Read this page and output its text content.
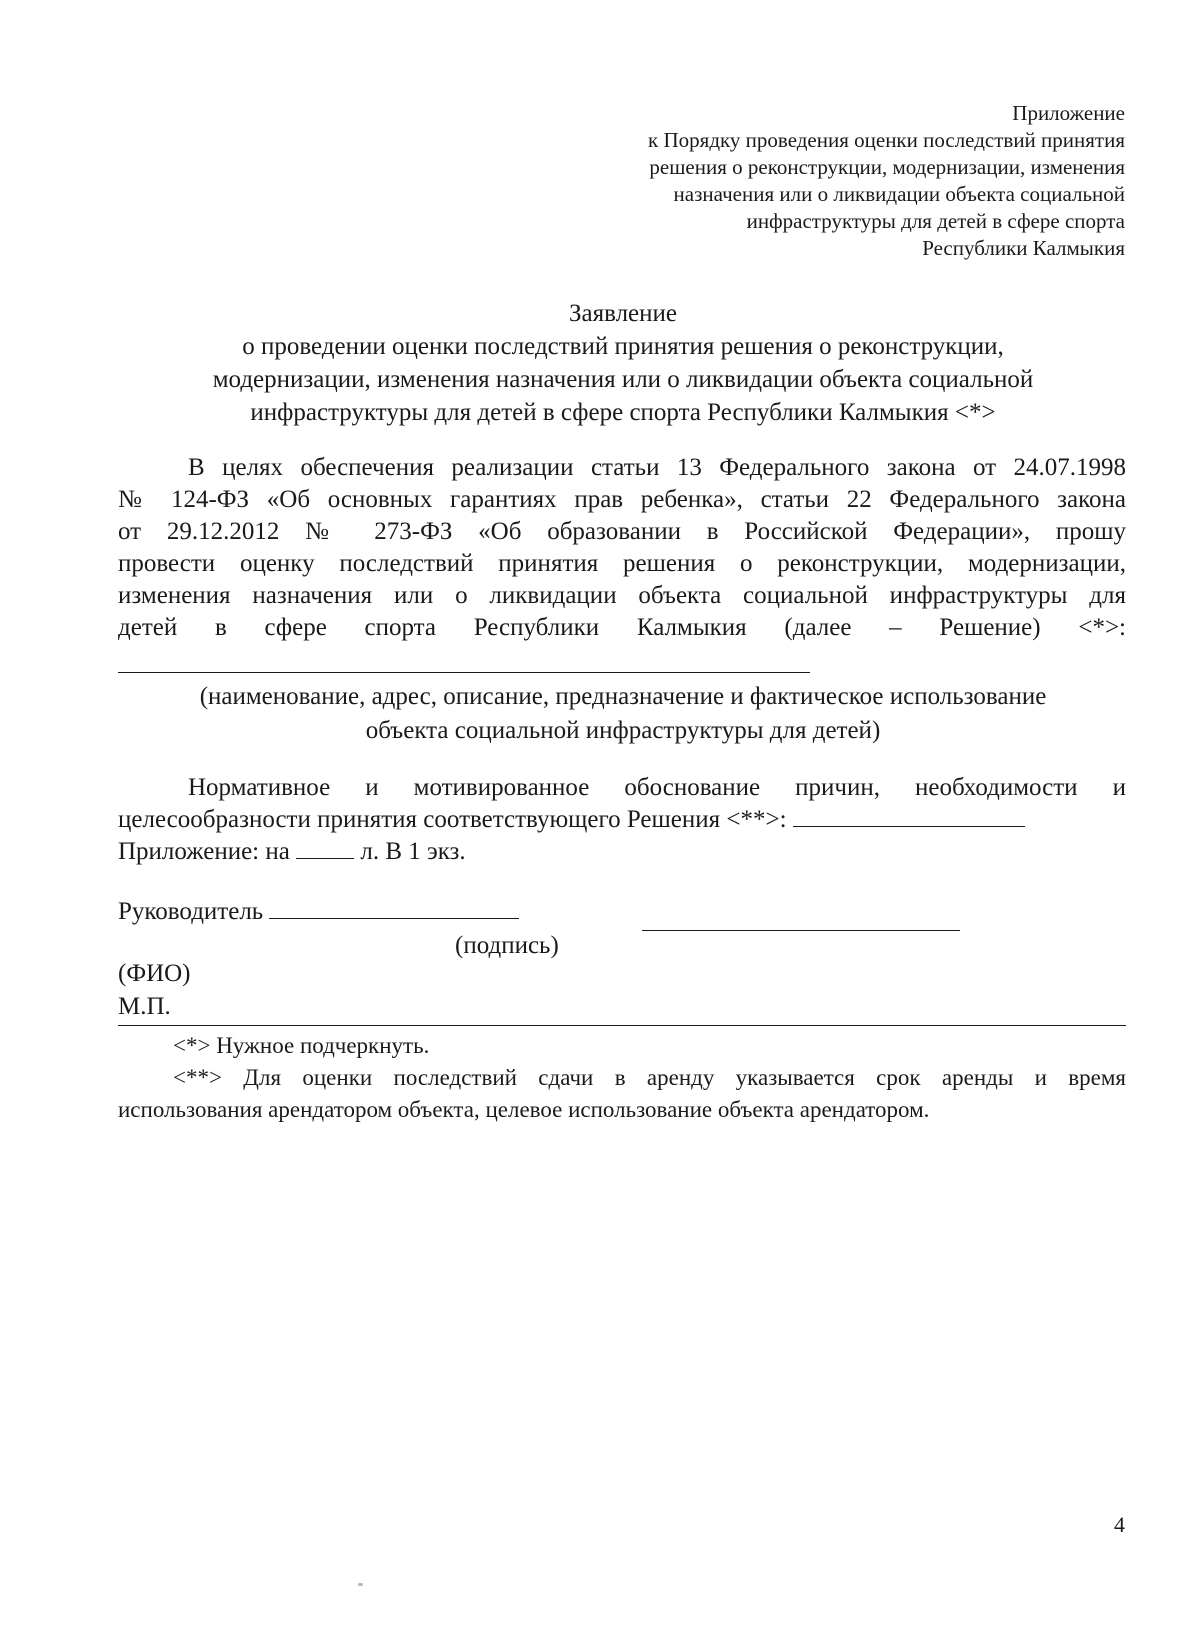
Приложение
к Порядку проведения оценки последствий принятия
решения о реконструкции, модернизации, изменения
назначения или о ликвидации объекта социальной
инфраструктуры для детей в сфере спорта
Республики Калмыкия
Заявление
о проведении оценки последствий принятия решения о реконструкции,
модернизации, изменения назначения или о ликвидации объекта социальной
инфраструктуры для детей в сфере спорта Республики Калмыкия <*>
В целях обеспечения реализации статьи 13 Федерального закона от 24.07.1998
№ 124-ФЗ «Об основных гарантиях прав ребенка», статьи 22 Федерального закона
от 29.12.2012 № 273-ФЗ «Об образовании в Российской Федерации», прошу
провести оценку последствий принятия решения о реконструкции, модернизации,
изменения назначения или о ликвидации объекта социальной инфраструктуры для
детей в сфере спорта Республики Калмыкия (далее – Решение) <*>:
(наименование, адрес, описание, предназначение и фактическое использование
объекта социальной инфраструктуры для детей)
Нормативное и мотивированное обоснование причин, необходимости и
целесообразности принятия соответствующего Решения <**>:
Приложение: на	л. В 1 экз.
Руководитель
(подпись)
(ФИО)
М.П.
<*> Нужное подчеркнуть.
<**> Для оценки последствий сдачи в аренду указывается срок аренды и время
использования арендатором объекта, целевое использование объекта арендатором.
4
